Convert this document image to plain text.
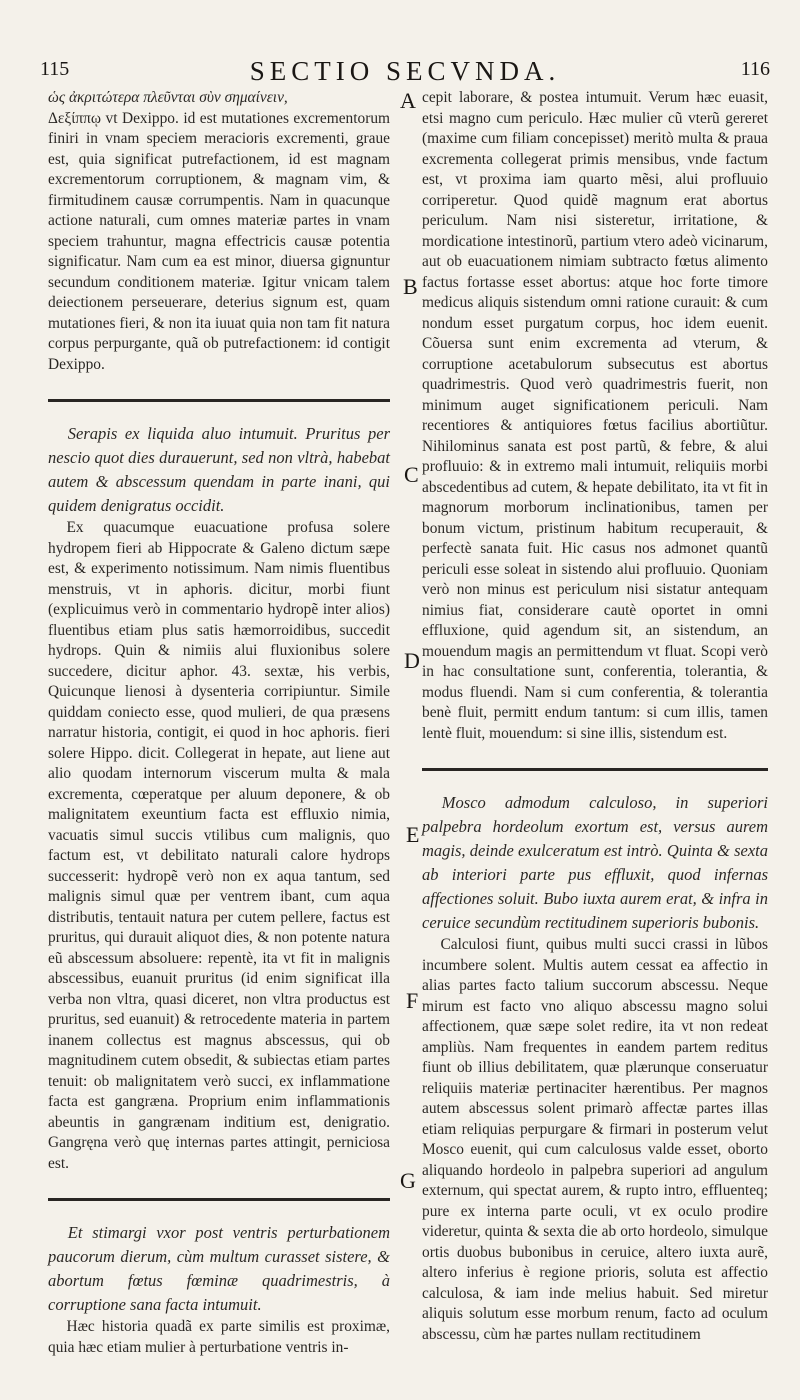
115	SECTIO SECVNDA.	116

ὡς ἀκριτώτερα πλεῦνται σὺν σημαίνειν,

Δεξίππῳ vt Dexippo. id est mutationes excrementorum finiri in vnam speciem meracioris excrementi, graue est, quia significat putrefactionem, id est magnam excrementorum corruptionem, & magnam vim, & firmitudinem causæ corrumpentis. Nam in quacunque actione naturali, cum omnes materiæ partes in vnam speciem trahuntur, magna effectricis causæ potentia significatur. Nam cum ea est minor, diuersa gignuntur secundum conditionem materiæ. Igitur vnicam talem deiectionem perseuerare, deterius signum est, quam mutationes fieri, & non ita iuuat quia non tam fit natura corpus perpurgante, quã ob putrefactionem: id contigit Dexippo.

Serapis ex liquida aluo intumuit. Pruritus per nescio quot dies durauerunt, sed non vltrà, habebat autem & abscessum quendam in parte inani, qui quidem denigratus occidit.

Ex quacumque euacuatione profusa solere hydropem fieri ab Hippocrate & Galeno dictum sæpe est, & experimento notissimum. Nam nimis fluentibus menstruis, vt in aphoris. dicitur, morbi fiunt (explicuimus verò in commentario hydropẽ inter alios) fluentibus etiam plus satis hæmorroidibus, succedit hydrops. Quin & nimiis alui fluxionibus solere succedere, dicitur aphor. 43. sextæ, his verbis, Quicunque lienosi à dysenteria corripiuntur. Simile quiddam coniecto esse, quod mulieri, de qua præsens narratur historia, contigit, ei quod in hoc aphoris. fieri solere Hippo. dicit. Collegerat in hepate, aut liene aut alio quodam internorum viscerum multa & mala excrementa, cœperatque per aluum deponere, & ob malignitatem exeuntium facta est effluxio nimia, vacuatis simul succis vtilibus cum malignis, quo factum est, vt debilitato naturali calore hydrops successerit: hydropẽ verò non ex aqua tantum, sed malignis simul quæ per ventrem ibant, cum aqua distributis, tentauit natura per cutem pellere, factus est pruritus, qui durauit aliquot dies, & non potente natura eũ abscessum absoluere: repentè, ita vt fit in malignis abscessibus, euanuit pruritus (id enim significat illa verba non vltra, quasi diceret, non vltra productus est pruritus, sed euanuit) & retrocedente materia in partem inanem collectus est magnus abscessus, qui ob magnitudinem cutem obsedit, & subiectas etiam partes tenuit: ob malignitatem verò succi, ex inflammatione facta est gangræna. Proprium enim inflammationis abeuntis in gangrænam inditium est, denigratio. Gangręna verò quę internas partes attingit, perniciosa est.

Et stimargi vxor post ventris perturbationem paucorum dierum, cùm multum curasset sistere, & abortum fœtus fœminæ quadrimestris, à corruptione sana facta intumuit.

Hæc historia quadã ex parte similis est proximæ, quia hæc etiam mulier à perturbatione ventris in-

cepit laborare, & postea intumuit. Verum hæc euasit, etsi magno cum periculo. Hæc mulier cũ vterũ gereret (maxime cum filiam concepisset) meritò multa & praua excrementa collegerat primis mensibus, vnde factum est, vt proxima iam quarto mẽsi, alui profluuio corriperetur. Quod quidẽ magnum erat abortus periculum. Nam nisi sisteretur, irritatione, & mordicatione intestinorũ, partium vtero adeò vicinarum, aut ob euacuationem nimiam subtracto fœtus alimento factus fortasse esset abortus: atque hoc forte timore medicus aliquis sistendum omni ratione curauit: & cum nondum esset purgatum corpus, hoc idem euenit. Cõuersa sunt enim excrementa ad vterum, & corruptione acetabulorum subsecutus est abortus quadrimestris. Quod verò quadrimestris fuerit, non minimum auget significationem periculi. Nam recentiores & antiquiores fœtus facilius abortiũtur. Nihilominus sanata est post partũ, & febre, & alui profluuio: & in extremo mali intumuit, reliquiis morbi abscedentibus ad cutem, & hepate debilitato, ita vt fit in magnorum morborum inclinationibus, tamen per bonum victum, pristinum habitum recuperauit, & perfectè sanata fuit. Hic casus nos admonet quantũ periculi esse soleat in sistendo alui profluuio. Quoniam verò non minus est periculum nisi sistatur antequam nimius fiat, considerare cautè oportet in omni effluxione, quid agendum sit, an sistendum, an mouendum magis an permittendum vt fluat. Scopi verò in hac consultatione sunt, conferentia, tolerantia, & modus fluendi. Nam si cum conferentia, & tolerantia benè fluit, permitt endum tantum: si cum illis, tamen lentè fluit, mouendum: si sine illis, sistendum est.

Mosco admodum calculoso, in superiori palpebra hordeolum exortum est, versus aurem magis, deinde exulceratum est intrò. Quinta & sexta ab interiori parte pus effluxit, quod infernas affectiones soluit. Bubo iuxta aurem erat, & infra in ceruice secundùm rectitudinem superioris bubonis.

Calculosi fiunt, quibus multi succi crassi in lũbos incumbere solent. Multis autem cessat ea affectio in alias partes facto talium succorum abscessu. Neque mirum est facto vno aliquo abscessu magno solui affectionem, quæ sæpe solet redire, ita vt non redeat ampliùs. Nam frequentes in eandem partem reditus fiunt ob illius debilitatem, quæ plærunque conseruatur reliquiis materiæ pertinaciter hærentibus. Per magnos autem abscessus solent primarò affectæ partes illas etiam reliquias perpurgare & firmari in posterum velut Mosco euenit, qui cum calculosus valde esset, oborto aliquando hordeolo in palpebra superiori ad angulum externum, qui spectat aurem, & rupto intro, effluenteq; pure ex interna parte oculi, vt ex oculo prodire videretur, quinta & sexta die ab orto hordeolo, simulque ortis duobus bubonibus in ceruice, altero iuxta aurẽ, altero inferius è regione prioris, soluta est affectio calculosa, & iam inde melius habuit. Sed miretur aliquis solutum esse morbum renum, facto ad oculum abscessu, cùm hæ partes nullam rectitudinem

A
B
C
D
E
F
G
